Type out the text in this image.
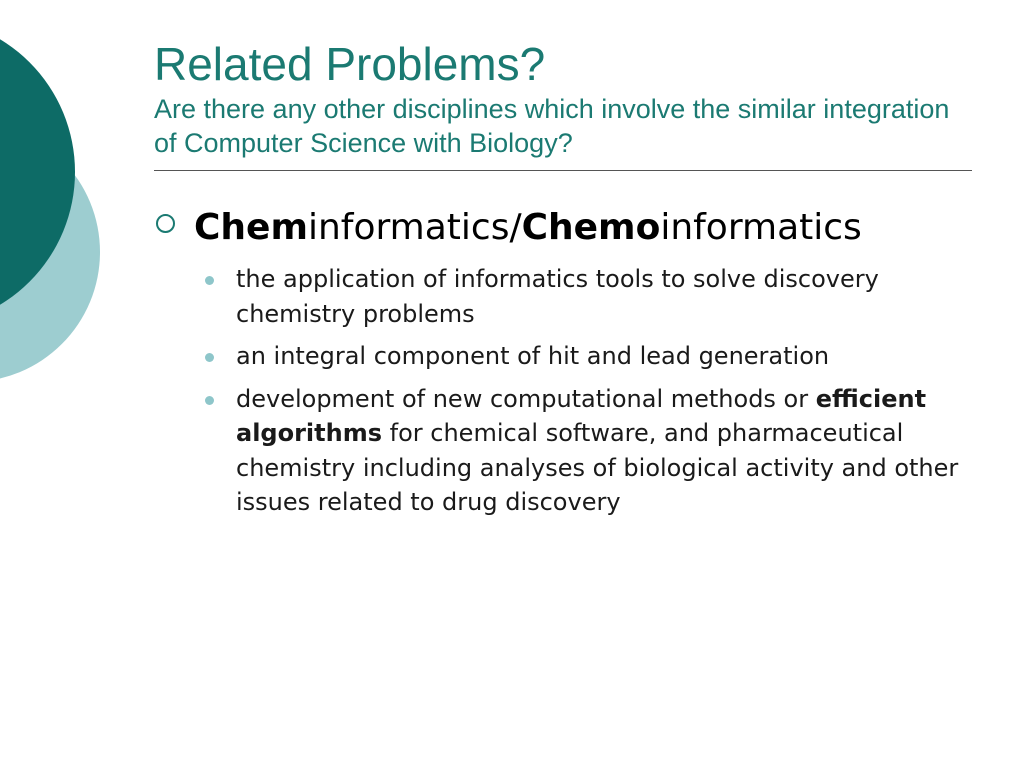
Related Problems?

Are there any other disciplines which involve the similar integration of Computer Science with Biology?

Cheminformatics/Chemoinformatics
the application of informatics tools to solve discovery chemistry problems
an integral component of hit and lead generation
development of new computational methods or efficient algorithms for chemical software, and pharmaceutical chemistry including analyses of biological activity and other issues related to drug discovery
